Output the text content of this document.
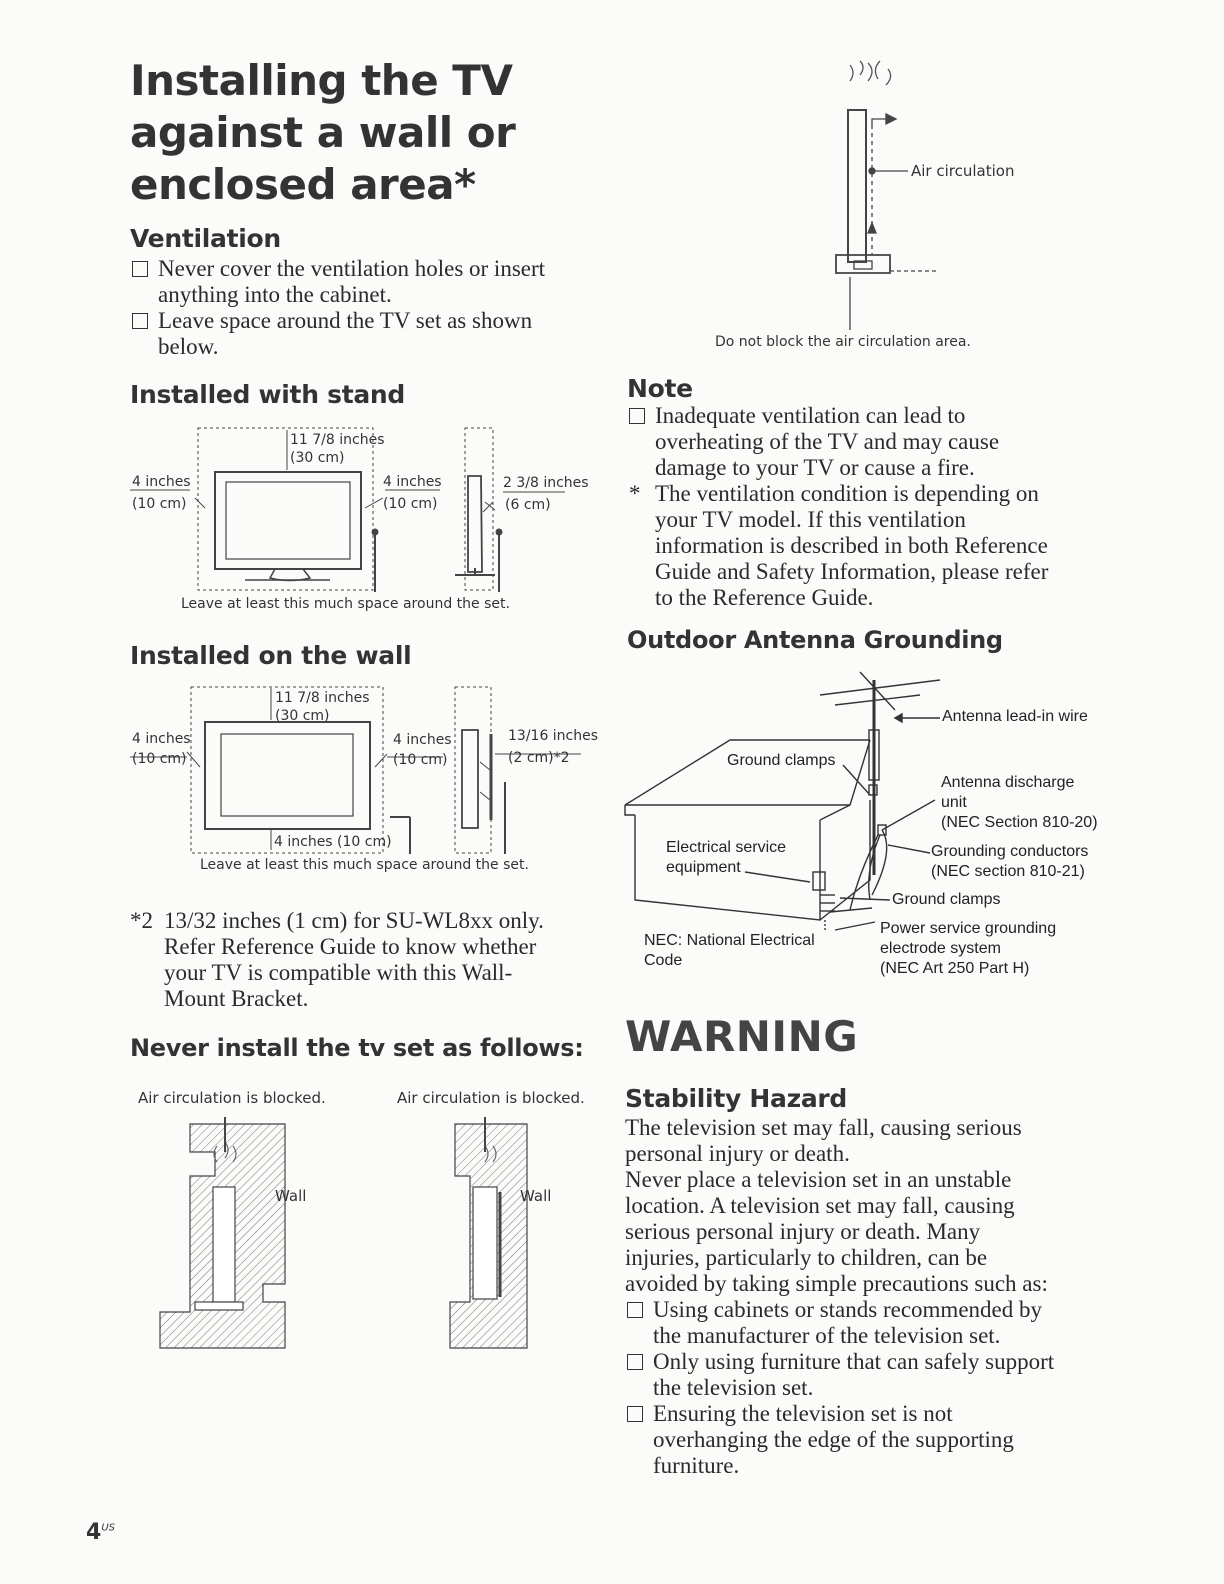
Installing the TV
against a wall or
enclosed area*
Ventilation
Never cover the ventilation holes or insert
anything into the cabinet.
Leave space around the TV set as shown
below.
Installed with stand
11 7/8 inches
(30 cm)
4 inches
(10 cm)
4 inches
(10 cm)
2 3/8 inches
(6 cm)
Leave at least this much space around the set.
Installed on the wall
11 7/8 inches
(30 cm)
4 inches
(10 cm)
4 inches
(10 cm)
13/16 inches
(2 cm)*2
4 inches (10 cm)
Leave at least this much space around the set.
*2 13/32 inches (1 cm) for SU-WL8xx only.
Refer Reference Guide to know whether
your TV is compatible with this Wall-
Mount Bracket.
Never install the tv set as follows:
Air circulation is blocked.	Air circulation is blocked.
Wall	Wall
$4^{US}$
Air circulation
Do not block the air circulation area.
Note
Inadequate ventilation can lead to
overheating of the TV and may cause
damage to your TV or cause a fire.
* The ventilation condition is depending on
your TV model. If this ventilation
information is described in both Reference
Guide and Safety Information, please refer
to the Reference Guide.
Outdoor Antenna Grounding
Antenna lead-in wire
Ground clamps
Antenna discharge
unit
(NEC Section 810-20)
Electrical service
equipment
Grounding conductors
(NEC section 810-21)
Ground clamps
NEC: National Electrical
Code
Power service grounding
electrode system
(NEC Art 250 Part H)
WARNING
Stability Hazard
The television set may fall, causing serious
personal injury or death.
Never place a television set in an unstable
location. A television set may fall, causing
serious personal injury or death. Many
injuries, particularly to children, can be
avoided by taking simple precautions such as:
Using cabinets or stands recommended by
the manufacturer of the television set.
Only using furniture that can safely support
the television set.
Ensuring the television set is not
overhanging the edge of the supporting
furniture.
